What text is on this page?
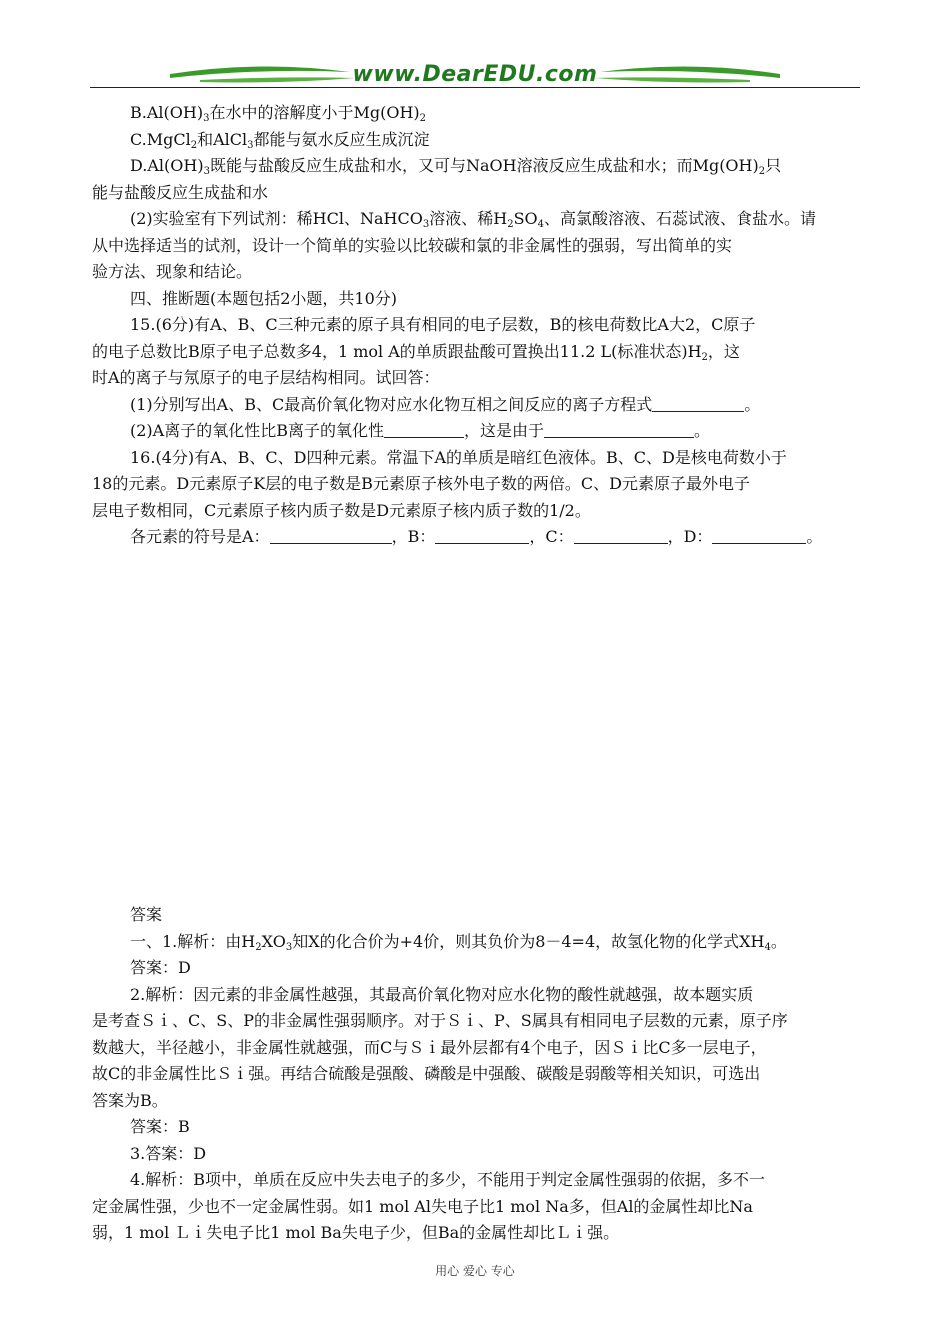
www.DearEDU.com

$B.Al(OH)_3$在水中的溶解度小于$Mg(OH)_2$

C.MgCl$_2$和AlCl$_3$都能与氨水反应生成沉淀

$D.Al(OH)_3$既能与盐酸反应生成盐和水，又可与NaOH溶液反应生成盐和水；而$Mg(OH)_2$只

能与盐酸反应生成盐和水

(2)实验室有下列试剂：稀HCl、NaHCO$_3$溶液、稀$H_2SO_4$、高氯酸溶液、石蕊试液、食盐水。请

从中选择适当的试剂，设计一个简单的实验以比较碳和氯的非金属性的强弱，写出简单的实

验方法、现象和结论。

四、推断题(本题包括2小题，共10分)

15.(6分)有A、B、C三种元素的原子具有相同的电子层数，B的核电荷数比A大2，C原子

的电子总数比B原子电子总数多4，1 mol A的单质跟盐酸可置换出11.2 L(标准状态)$H_2$，这

时A的离子与氖原子的电子层结构相同。试回答：

(1)分别写出A、B、C最高价氧化物对应水化物互相之间反应的离子方程式	。

(2)A离子的氧化性比B离子的氧化性	，这是由于	。

16.(4分)有A、B、C、D四种元素。常温下A的单质是暗红色液体。B、C、D是核电荷数小于

18的元素。D元素原子K层的电子数是B元素原子核外电子数的两倍。C、D元素原子最外电子

层电子数相同，C元素原子核内质子数是D元素原子核内质子数的1/2。

各元素的符号是A：	，B：	，C：	，D：	。

答案

一、1.解析：由$H_2XO_3$知X的化合价为+4价，则其负价为8－4=4，故氢化物的化学式$XH_4$。

答案：D

2.解析：因元素的非金属性越强，其最高价氧化物对应水化物的酸性就越强，故本题实质

是考查Ｓｉ、C、S、P的非金属性强弱顺序。对于Ｓｉ、P、S属具有相同电子层数的元素，原子序

数越大，半径越小，非金属性就越强，而C与Ｓｉ最外层都有4个电子，因Ｓｉ比C多一层电子，

故C的非金属性比Ｓｉ强。再结合硫酸是强酸、磷酸是中强酸、碳酸是弱酸等相关知识，可选出

答案为B。

答案：B

3.答案：D

4.解析：B项中，单质在反应中失去电子的多少，不能用于判定金属性强弱的依据，多不一

定金属性强，少也不一定金属性弱。如1 mol Al失电子比1 mol Na多，但Al的金属性却比Na

弱，1 mol Ｌｉ失电子比1 mol Ba失电子少，但Ba的金属性却比Ｌｉ强。

用心 爱心 专心
